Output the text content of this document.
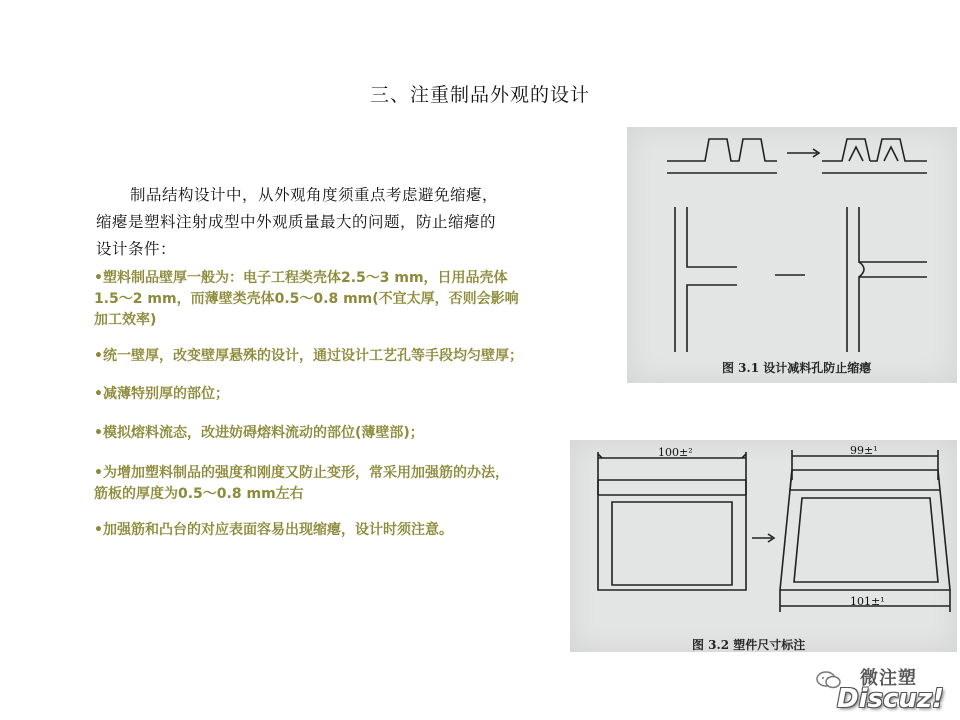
三、注重制品外观的设计
制品结构设计中，从外观角度须重点考虑避免缩瘪，
缩瘪是塑料注射成型中外观质量最大的问题，防止缩瘪的
设计条件：
•塑料制品壁厚一般为：电子工程类壳体2.5～3 mm，日用品壳体
1.5～2 mm，而薄壁类壳体0.5～0.8 mm(不宜太厚，否则会影响
加工效率)
•统一壁厚，改变壁厚悬殊的设计，通过设计工艺孔等手段均匀壁厚；
•减薄特别厚的部位；
•模拟熔料流态，改进妨碍熔料流动的部位(薄壁部)；
•为增加塑料制品的强度和刚度又防止变形，常采用加强筋的办法，
筋板的厚度为0.5～0.8 mm左右
•加强筋和凸台的对应表面容易出现缩瘪，设计时须注意。
图 3.1 设计减料孔防止缩瘪
100±²	99±¹
101±¹
图 3.2 塑件尺寸标注
微注塑
Discuz!
